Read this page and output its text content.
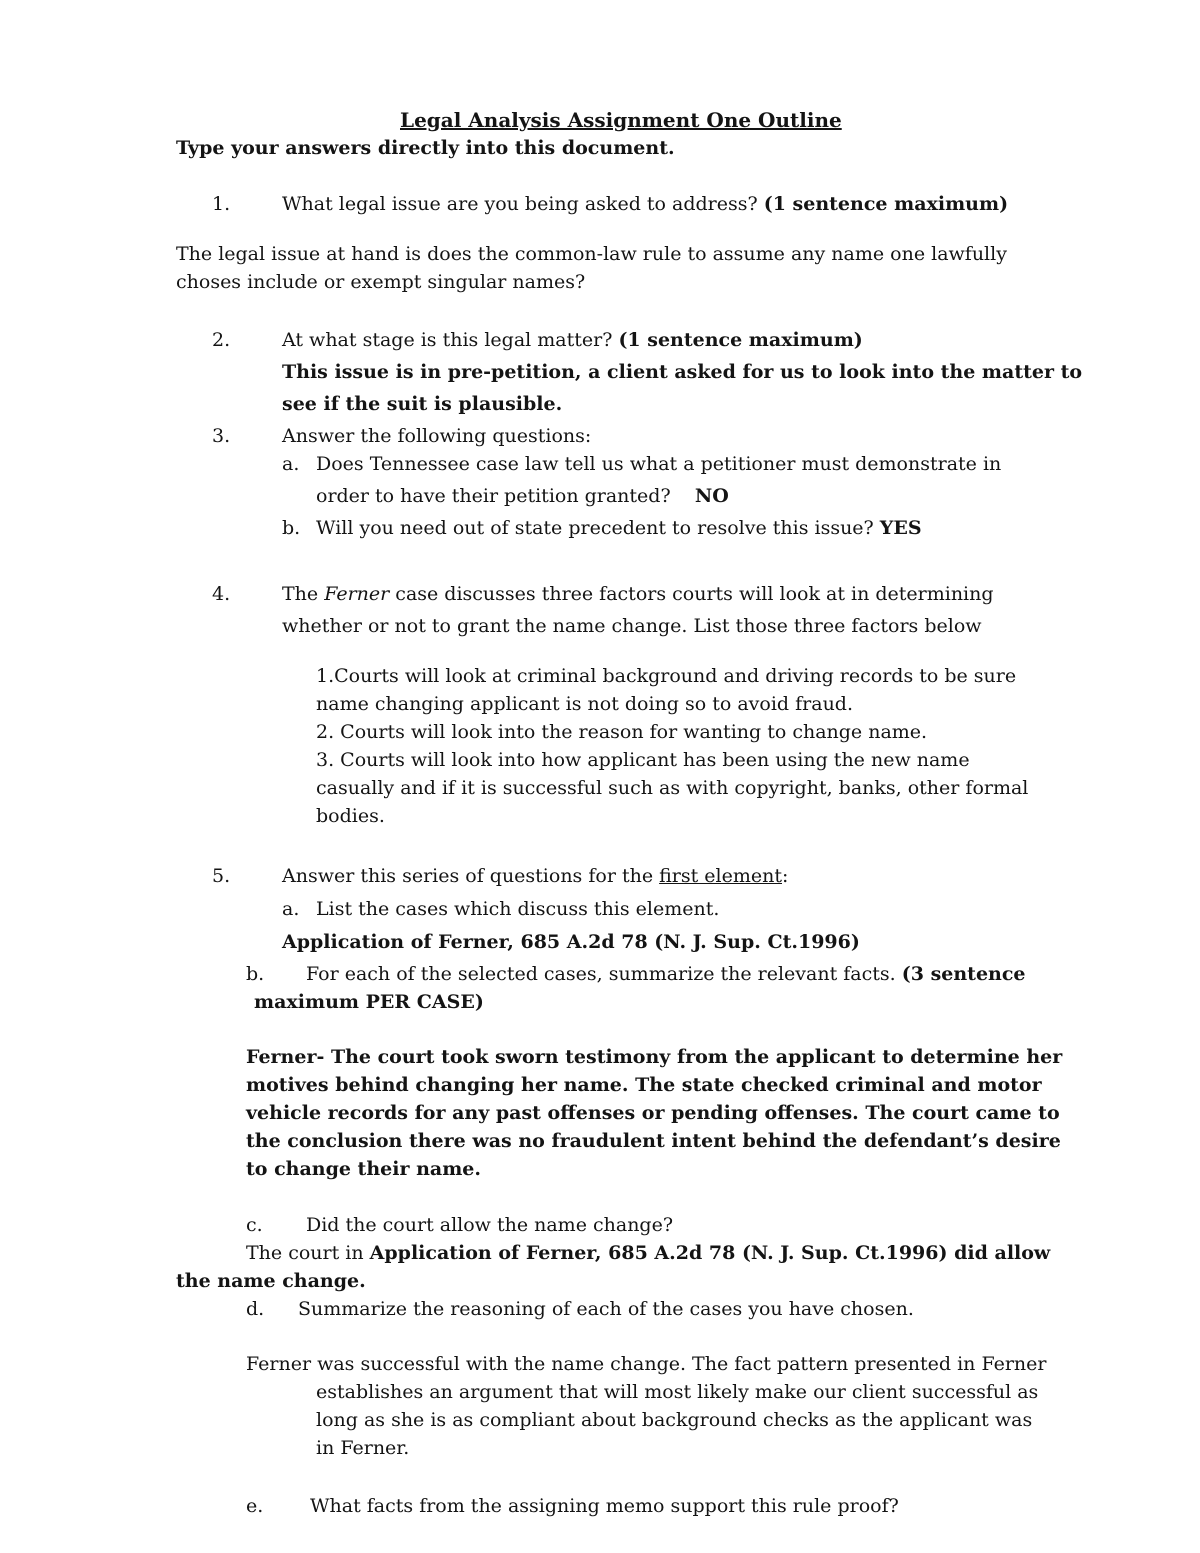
Legal Analysis Assignment One Outline
Type your answers directly into this document.
1.	What legal issue are you being asked to address? (1 sentence maximum)
The legal issue at hand is does the common-law rule to assume any name one lawfully
choses include or exempt singular names?
2.	At what stage is this legal matter? (1 sentence maximum)
This issue is in pre-petition, a client asked for us to look into the matter to
see if the suit is plausible.
3.	Answer the following questions:
a. Does Tennessee case law tell us what a petitioner must demonstrate in
order to have their petition granted? NO
b. Will you need out of state precedent to resolve this issue? YES
4.	The Ferner case discusses three factors courts will look at in determining
whether or not to grant the name change. List those three factors below
1.Courts will look at criminal background and driving records to be sure
name changing applicant is not doing so to avoid fraud.
2. Courts will look into the reason for wanting to change name.
3. Courts will look into how applicant has been using the new name
casually and if it is successful such as with copyright, banks, other formal
bodies.
5.	Answer this series of questions for the first element:
a. List the cases which discuss this element.
Application of Ferner, 685 A.2d 78 (N. J. Sup. Ct.1996)
b. For each of the selected cases, summarize the relevant facts. (3 sentence
maximum PER CASE)
Ferner- The court took sworn testimony from the applicant to determine her
motives behind changing her name. The state checked criminal and motor
vehicle records for any past offenses or pending offenses. The court came to
the conclusion there was no fraudulent intent behind the defendant’s desire
to change their name.
c. Did the court allow the name change?
The court in Application of Ferner, 685 A.2d 78 (N. J. Sup. Ct.1996) did allow
the name change.
d. Summarize the reasoning of each of the cases you have chosen.
Ferner was successful with the name change. The fact pattern presented in Ferner
establishes an argument that will most likely make our client successful as
long as she is as compliant about background checks as the applicant was
in Ferner.
e. What facts from the assigning memo support this rule proof?
